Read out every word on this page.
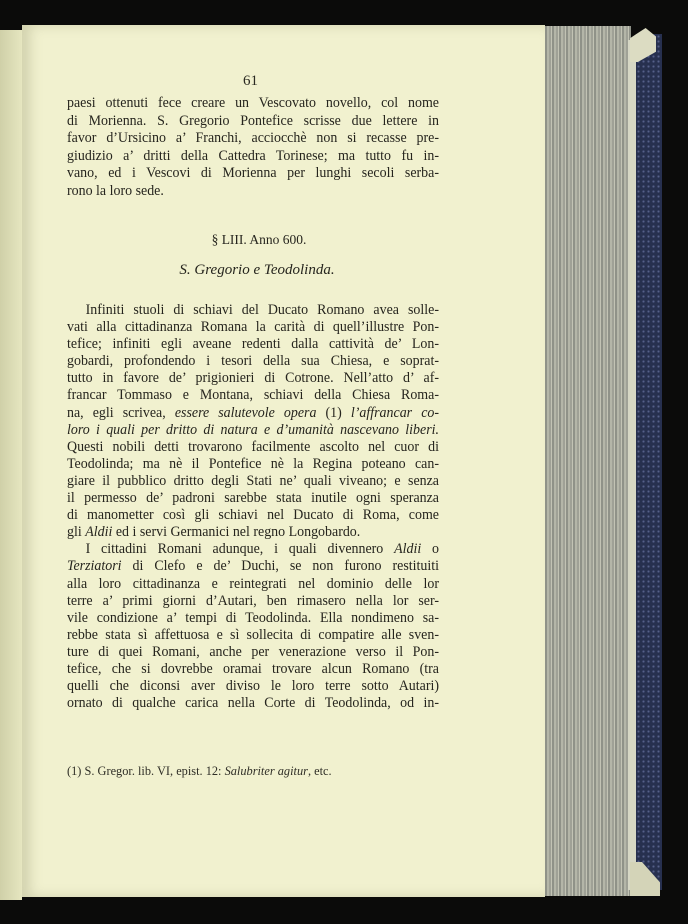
61
paesi ottenuti fece creare un Vescovato novello, col nome
di Morienna. S. Gregorio Pontefice scrisse due lettere in
favor d’Ursicino a’ Franchi, acciocchè non si recasse pre-
giudizio a’ dritti della Cattedra Torinese; ma tutto fu in-
vano, ed i Vescovi di Morienna per lunghi secoli serba-
rono la loro sede.
§ LIII. Anno 600.
S. Gregorio e Teodolinda.
Infiniti stuoli di schiavi del Ducato Romano avea solle-
vati alla cittadinanza Romana la carità di quell’illustre Pon-
tefice; infiniti egli aveane redenti dalla cattività de’ Lon-
gobardi, profondendo i tesori della sua Chiesa, e soprat-
tutto in favore de’ prigionieri di Cotrone. Nell’atto d’ af-
francar Tommaso e Montana, schiavi della Chiesa Roma-
na, egli scrivea, essere salutevole opera (1) l’affrancar co-
loro i quali per dritto di natura e d’umanità nascevano liberi.
Questi nobili detti trovarono facilmente ascolto nel cuor di
Teodolinda; ma nè il Pontefice nè la Regina poteano can-
giare il pubblico dritto degli Stati ne’ quali viveano; e senza
il permesso de’ padroni sarebbe stata inutile ogni speranza
di manometter così gli schiavi nel Ducato di Roma, come
gli Aldii ed i servi Germanici nel regno Longobardo.
I cittadini Romani adunque, i quali divennero Aldii o
Terziatori di Clefo e de’ Duchi, se non furono restituiti
alla loro cittadinanza e reintegrati nel dominio delle lor
terre a’ primi giorni d’Autari, ben rimasero nella lor ser-
vile condizione a’ tempi di Teodolinda. Ella nondimeno sa-
rebbe stata sì affettuosa e sì sollecita di compatire alle sven-
ture di quei Romani, anche per venerazione verso il Pon-
tefice, che si dovrebbe oramai trovare alcun Romano (tra
quelli che diconsi aver diviso le loro terre sotto Autari)
ornato di qualche carica nella Corte di Teodolinda, od in-
(1) S. Gregor. lib. VI, epist. 12: Salubriter agitur, etc.
